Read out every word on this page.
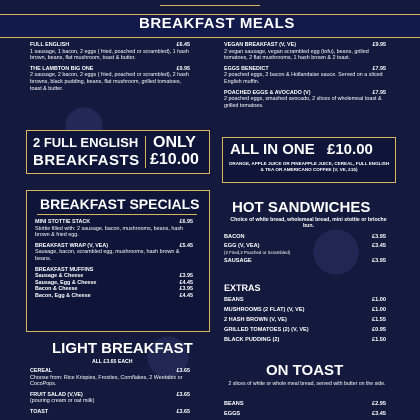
BREAKFAST MEALS
FULL ENGLISH	£6.45
1 sausage, 1 bacon, 2 eggs ( fried, poached or scrambled), 1 hash brown, beans, flat mushroom, toast & butter.
THE LAMBTON BIG ONE	£9.95
2 sausage, 2 bacon, 2 eggs ( fried, poached or scrambled), 2 hash browns, black pudding, beans, flat mushroom, grilled tomatoes, toast & butter.
VEGAN BREAKFAST (V, VE)	£9.95
2 vegan sausage, vegan scrambled egg (tofu), beans, grilled tomatoes, 2 flat mushrooms, 1 hash brown & 2 toast.
EGGS BENEDICT	£7.95
2 poached eggs, 2 bacon & Hollandaise sauce. Served on a sliced English muffin.
POACHED EGGS & AVOCADO (V)	£7.95
2 poached eggs, smashed avocado, 2 slices of wholemeal toast & grilled tomatoes.
2 FULL ENGLISH
BREAKFASTS
ONLY
£10.00
ALL IN ONE £10.00
ORANGE, APPLE JUICE OR PINEAPPLE JUICE, CEREAL, FULL ENGLISH & TEA OR AMERICANO COFFEE (V, VE, £15)
BREAKFAST SPECIALS
MINI STOTTIE STACK	£6.95
Stottie filled with: 2 sausage, bacon, mushrooms, beans, hash brown & fried egg.
BREAKFAST WRAP (V, VEA)	£5.45
Sausage, bacon, scrambled egg, mushrooms, hash brown & beans.
BREAKFAST MUFFINS
Sausage & Cheese	£3.95
Sausage, Egg & Cheese	£4.45
Bacon & Cheese	£3.95
Bacon, Egg & Cheese	£4.45
LIGHT BREAKFAST
ALL £3.65 EACH
CEREAL	£3.65
Choose from: Rice Krispies, Frosties, Cornflakes, 2 Weetabix or CocoPops.
FRUIT SALAD (V,VE)	£3.65
(pouring cream or oat milk)
TOAST	£3.65
HOT SANDWICHES
Choice of white bread, wholemeal bread, mini stottie or brioche bun.
BACON	£3.95
EGG (V, VEA)	£3.45
(2 Fried,2 Poached or Scrambled)
SAUSAGE	£3.95
EXTRAS
BEANS	£1.00
MUSHROOMS (2 FLAT) (V, VE)	£1.00
2 HASH BROWN (V, VE)	£1.55
GRILLED TOMATOES (2) (V, VE)	£0.95
BLACK PUDDING (2)	£1.50
ON TOAST
2 slices of white or whole meal bread, served with butter on the side.
BEANS	£2.95
EGGS	£3.45
